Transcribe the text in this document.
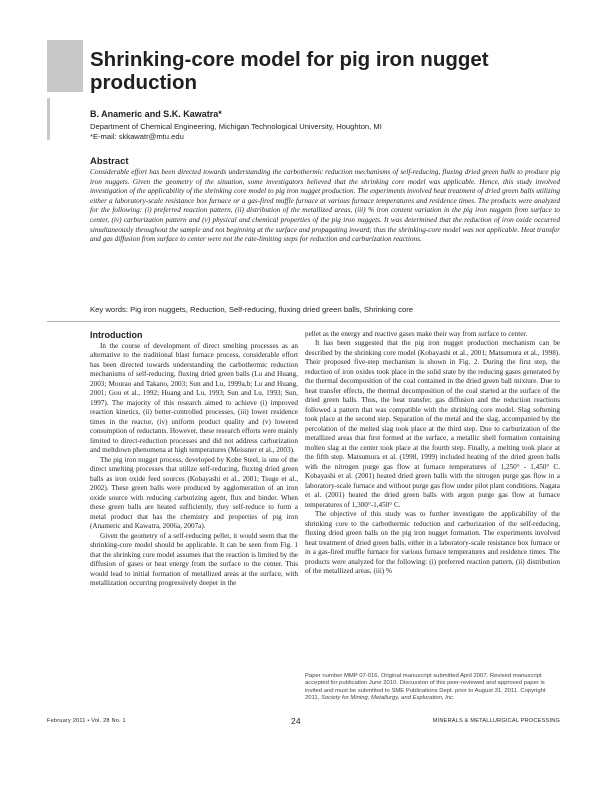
Shrinking-core model for pig iron nugget production

B. Anameric and S.K. Kawatra*

Department of Chemical Engineering, Michigan Technological University, Houghton, MI
*E-mail: skkawatr@mtu.edu
Abstract

Considerable effort has been directed towards understanding the carbothermic reduction mechanisms of self-reducing, fluxing dried green balls to produce pig iron nuggets. Given the geometry of the situation, some investigators believed that the shrinking core model was applicable. Hence, this study involved investigation of the applicability of the shrinking core model to pig iron nugget production. The experiments involved heat treatment of dried green balls utilizing either a laboratory-scale resistance box furnace or a gas-fired muffle furnace at various furnace temperatures and residence times. The products were analyzed for the following: (i) preferred reaction pattern, (ii) distribution of the metallized areas, (iii) % iron content variation in the pig iron nuggets from surface to center, (iv) carburization pattern and (v) physical and chemical properties of the pig iron nuggets. It was determined that the reduction of iron oxide occurred simultaneously throughout the sample and not beginning at the surface and propagating inward; thus the shrinking-core model was not applicable. Heat transfer and gas diffusion from surface to center were not the rate-limiting steps for reduction and carburization reactions.

Key words: Pig iron nuggets, Reduction, Self-reducing, fluxing dried green balls, Shrinking core

Introduction

In the course of development of direct smelting processes as an alternative to the traditional blast furnace process, considerable effort has been directed towards understanding the carbothermic reduction mechanisms of self-reducing, fluxing dried green balls (Lu and Huang, 2003; Mourao and Takano, 2003; Sun and Lu, 1999a,b; Lu and Huang, 2001; Gou et al., 1992; Huang and Lu, 1993; Sun and Lu, 1993; Sun, 1997). The majority of this research aimed to achieve (i) improved reaction kinetics, (ii) better-controlled processes, (iii) lower residence times in the reactor, (iv) uniform product quality and (v) lowered consumption of reductants. However, these research efforts were mainly limited to direct-reduction processes and did not address carburization and meltdown phenomena at high temperatures (Meissner et al., 2003).

The pig iron nugget process, developed by Kobe Steel, is one of the direct smelting processes that utilize self-reducing, fluxing dried green balls as iron oxide feed sources (Kobayashi et al., 2001; Tsuge et al., 2002). These green balls were produced by agglomeration of an iron oxide source with reducing carburizing agent, flux and binder. When these green balls are heated sufficiently, they self-reduce to form a metal product that has the chemistry and properties of pig iron (Anameric and Kawatra, 2006a, 2007a).

Given the geometry of a self-reducing pellet, it would seem that the shrinking-core model should be applicable. It can be seen from Fig. 1 that the shrinking core model assumes that the reaction is limited by the diffusion of gases or heat energy from the surface to the center. This would lead to initial formation of metallized areas at the surface, with metallization occurring progressively deeper in the

pellet as the energy and reactive gases make their way from surface to center.

It has been suggested that the pig iron nugget production mechanism can be described by the shrinking core model (Kobayashi et al., 2001; Matsumura et al., 1998). Their proposed five-step mechanism is shown in Fig. 2. During the first step, the reduction of iron oxides took place in the solid state by the reducing gases generated by the thermal decomposition of the coal contained in the dried green ball mixture. Due to heat transfer effects, the thermal decomposition of the coal started at the surface of the dried green balls. Thus, the heat transfer, gas diffusion and the reduction reactions followed a pattern that was compatible with the shrinking core model. Slag softening took place at the second step. Separation of the metal and the slag, accompanied by the percolation of the melted slag took place at the third step. Due to carburization of the metallized areas that first formed at the surface, a metallic shell formation containing molten slag at the center took place at the fourth step. Finally, a melting took place at the fifth step. Matsumura et al. (1998, 1999) included heating of the dried green balls with the nitrogen purge gas flow at furnace temperatures of 1,250° - 1,450° C. Kobayashi et al. (2001) heated dried green balls with the nitrogen purge gas flow in a laboratory-scale furnace and without purge gas flow under pilot plant conditions. Nagata et al. (2001) heated the dried green balls with argon purge gas flow at furnace temperatures of 1,300°-1,450° C.

The objective of this study was to further investigate the applicability of the shrinking core to the carbothermic reduction and carburization of the self-reducing, fluxing dried green balls on the pig iron nugget formation. The experiments involved heat treatment of dried green balls, either in a laboratory-scale resistance box furnace or in a gas-fired muffle furnace for various furnace temperatures and residence times. The products were analyzed for the following: (i) preferred reaction pattern, (ii) distribution of the metallized areas, (iii) %

Paper number MMP 07-016. Original manuscript submitted April 2007. Revised manuscript accepted for publication June 2010. Discussion of this peer-reviewed and approved paper is invited and must be submitted to SME Publications Dept. prior to August 31, 2011. Copyright 2011, Society for Mining, Metallurgy, and Exploration, Inc.

February 2011 • Vol. 28 No. 1	24	MINERALS & METALLURGICAL PROCESSING
